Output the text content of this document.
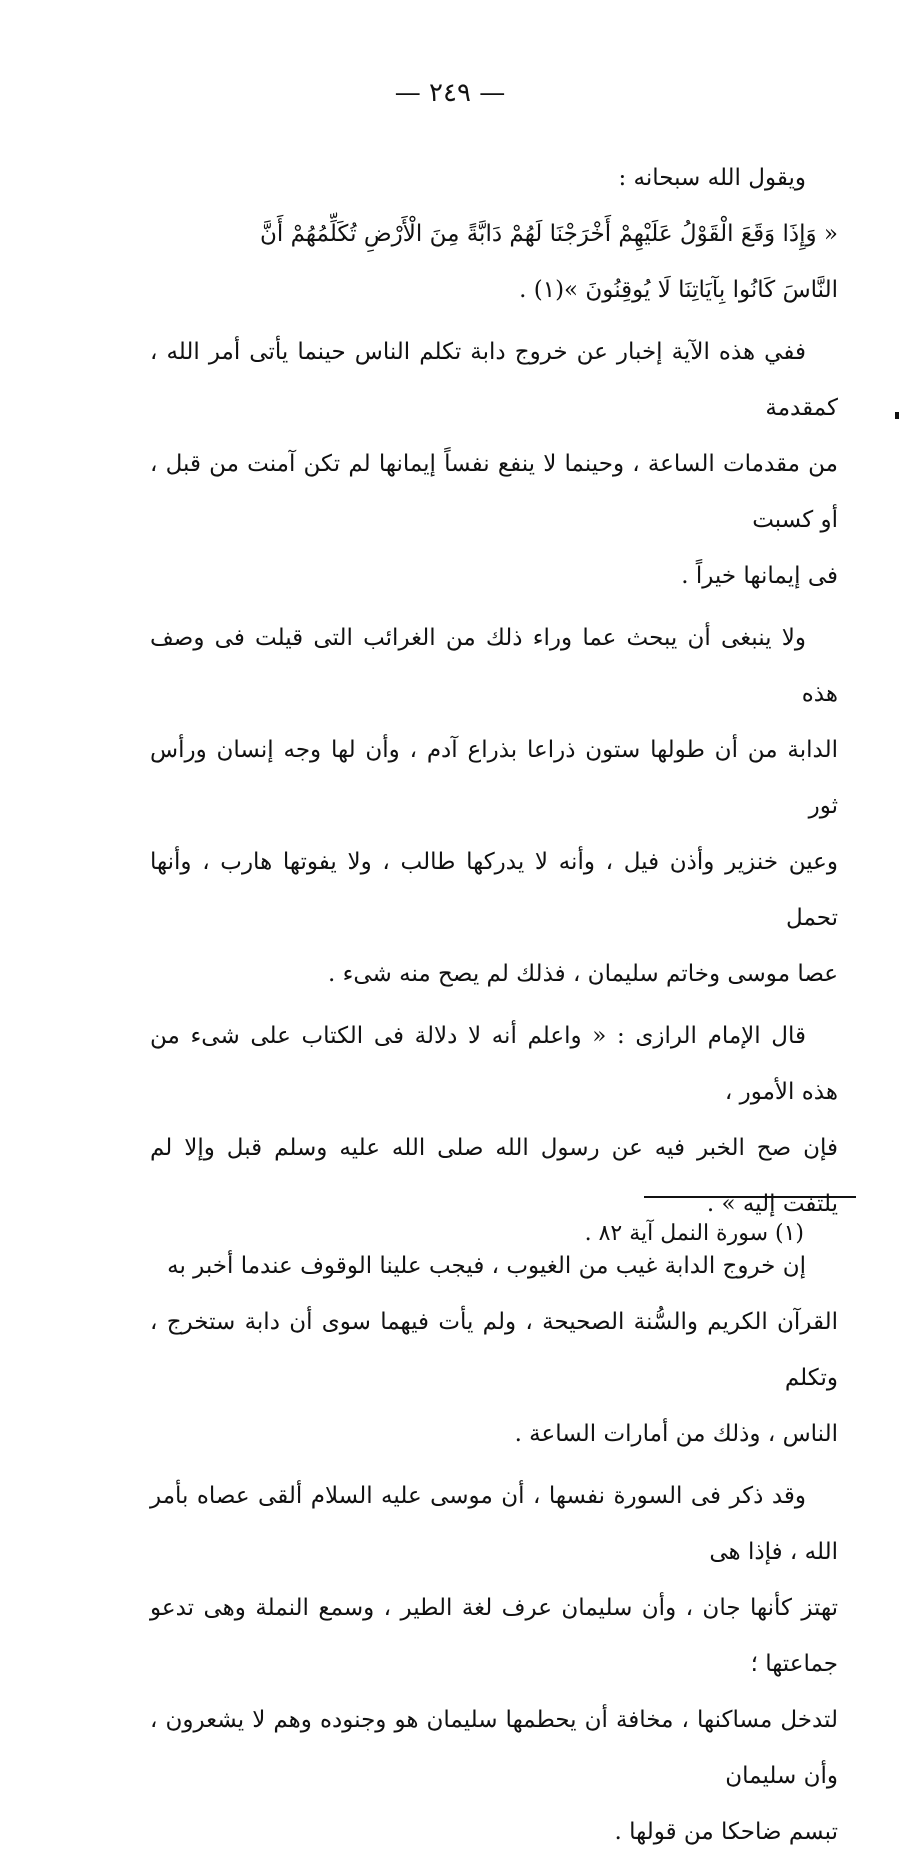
— ٢٤٩ —

ويقول الله سبحانه :

« وَإِذَا وَقَعَ الْقَوْلُ عَلَيْهِمْ أَخْرَجْنَا لَهُمْ دَابَّةً مِنَ الْأَرْضِ تُكَلِّمُهُمْ أَنَّ

النَّاسَ كَانُوا بِآيَاتِنَا لَا يُوقِنُونَ »(١) .

ففي هذه الآية إخبار عن خروج دابة تكلم الناس حينما يأتى أمر الله ، كمقدمة

من مقدمات الساعة ، وحينما لا ينفع نفساً إيمانها لم تكن آمنت من قبل ، أو كسبت

فى إيمانها خيراً .

ولا ينبغى أن يبحث عما وراء ذلك من الغرائب التى قيلت فى وصف هذه

الدابة من أن طولها ستون ذراعا بذراع آدم ، وأن لها وجه إنسان ورأس ثور

وعين خنزير وأذن فيل ، وأنه لا يدركها طالب ، ولا يفوتها هارب ، وأنها تحمل

عصا موسى وخاتم سليمان ، فذلك لم يصح منه شىء .

قال الإمام الرازى : « واعلم أنه لا دلالة فى الكتاب على شىء من هذه الأمور ،

فإن صح الخبر فيه عن رسول الله صلى الله عليه وسلم قبل وإلا لم يلتفت إليه » .

إن خروج الدابة غيب من الغيوب ، فيجب علينا الوقوف عندما أخبر به

القرآن الكريم والسُّنة الصحيحة ، ولم يأت فيهما سوى أن دابة ستخرج ، وتكلم

الناس ، وذلك من أمارات الساعة .

وقد ذكر فى السورة نفسها ، أن موسى عليه السلام ألقى عصاه بأمر الله ، فإذا هى

تهتز كأنها جان ، وأن سليمان عرف لغة الطير ، وسمع النملة وهى تدعو جماعتها ؛

لتدخل مساكنها ، مخافة أن يحطمها سليمان هو وجنوده وهم لا يشعرون ، وأن سليمان

تبسم ضاحكا من قولها .

(١) سورة النمل آية ٨٢ .
